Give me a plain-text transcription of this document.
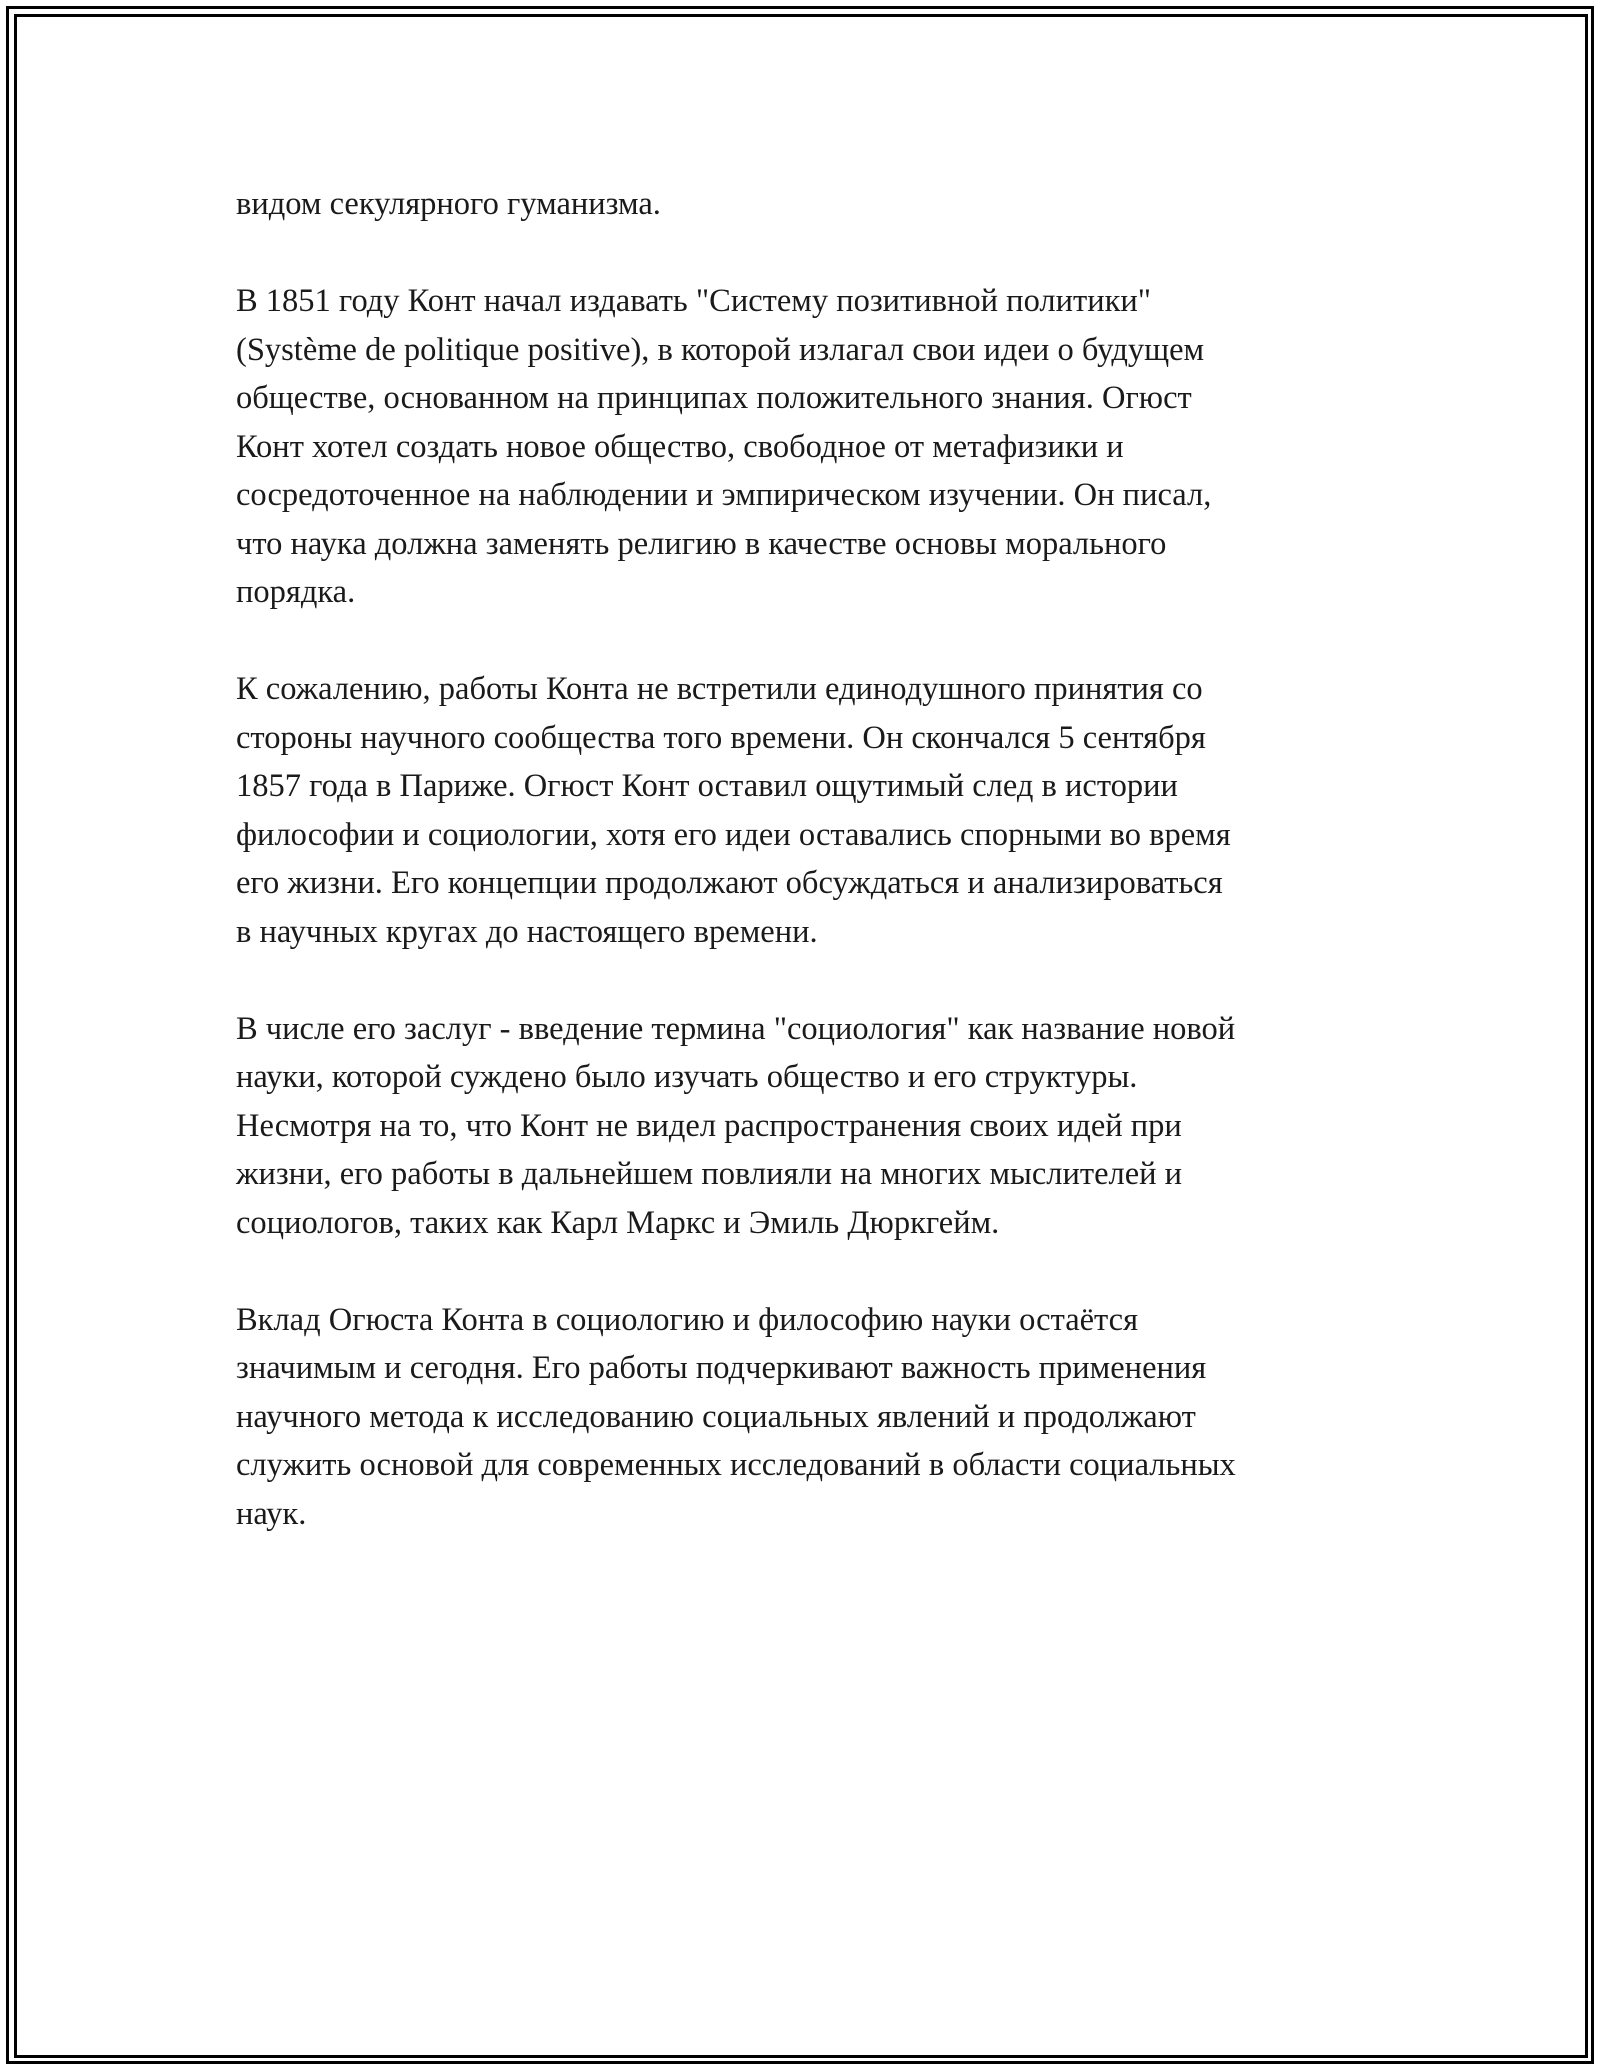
видом секулярного гуманизма.

В 1851 году Конт начал издавать "Систему позитивной политики"
(Système de politique positive), в которой излагал свои идеи о будущем
обществе, основанном на принципах положительного знания. Огюст
Конт хотел создать новое общество, свободное от метафизики и
сосредоточенное на наблюдении и эмпирическом изучении. Он писал,
что наука должна заменять религию в качестве основы морального
порядка.

К сожалению, работы Конта не встретили единодушного принятия со
стороны научного сообщества того времени. Он скончался 5 сентября
1857 года в Париже. Огюст Конт оставил ощутимый след в истории
философии и социологии, хотя его идеи оставались спорными во время
его жизни. Его концепции продолжают обсуждаться и анализироваться
в научных кругах до настоящего времени.

В числе его заслуг - введение термина "социология" как название новой
науки, которой суждено было изучать общество и его структуры.
Несмотря на то, что Конт не видел распространения своих идей при
жизни, его работы в дальнейшем повлияли на многих мыслителей и
социологов, таких как Карл Маркс и Эмиль Дюркгейм.

Вклад Огюста Конта в социологию и философию науки остаётся
значимым и сегодня. Его работы подчеркивают важность применения
научного метода к исследованию социальных явлений и продолжают
служить основой для современных исследований в области социальных
наук.
